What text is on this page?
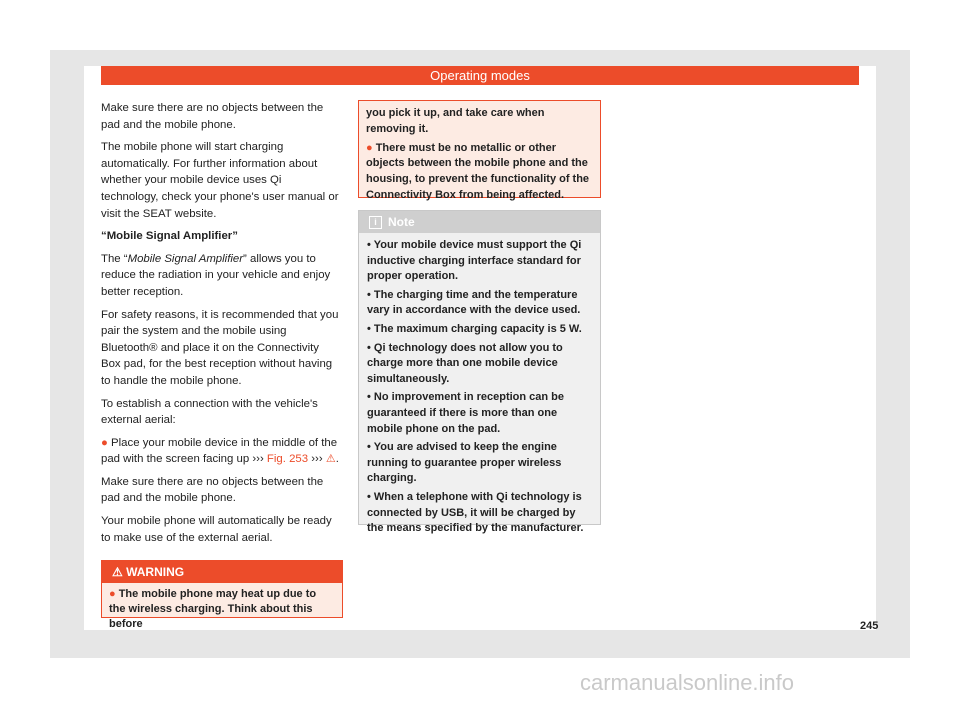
Operating modes

Make sure there are no objects between the pad and the mobile phone.

The mobile phone will start charging automatically. For further information about whether your mobile device uses Qi technology, check your phone's user manual or visit the SEAT website.

“Mobile Signal Amplifier”

The “Mobile Signal Amplifier” allows you to reduce the radiation in your vehicle and enjoy better reception.

For safety reasons, it is recommended that you pair the system and the mobile using Bluetooth® and place it on the Connectivity Box pad, for the best reception without having to handle the mobile phone.

To establish a connection with the vehicle's external aerial:

● Place your mobile device in the middle of the pad with the screen facing up ››› Fig. 253 ››› ⚠.

Make sure there are no objects between the pad and the mobile phone.

Your mobile phone will automatically be ready to make use of the external aerial.

⚠ WARNING
● The mobile phone may heat up due to the wireless charging. Think about this before

you pick it up, and take care when removing it.

● There must be no metallic or other objects between the mobile phone and the housing, to prevent the functionality of the Connectivity Box from being affected.

i Note

• Your mobile device must support the Qi inductive charging interface standard for proper operation.

• The charging time and the temperature vary in accordance with the device used.

• The maximum charging capacity is 5 W.

• Qi technology does not allow you to charge more than one mobile device simultaneously.

• No improvement in reception can be guaranteed if there is more than one mobile phone on the pad.

• You are advised to keep the engine running to guarantee proper wireless charging.

• When a telephone with Qi technology is connected by USB, it will be charged by the means specified by the manufacturer.

245
carmanualsonline.info
